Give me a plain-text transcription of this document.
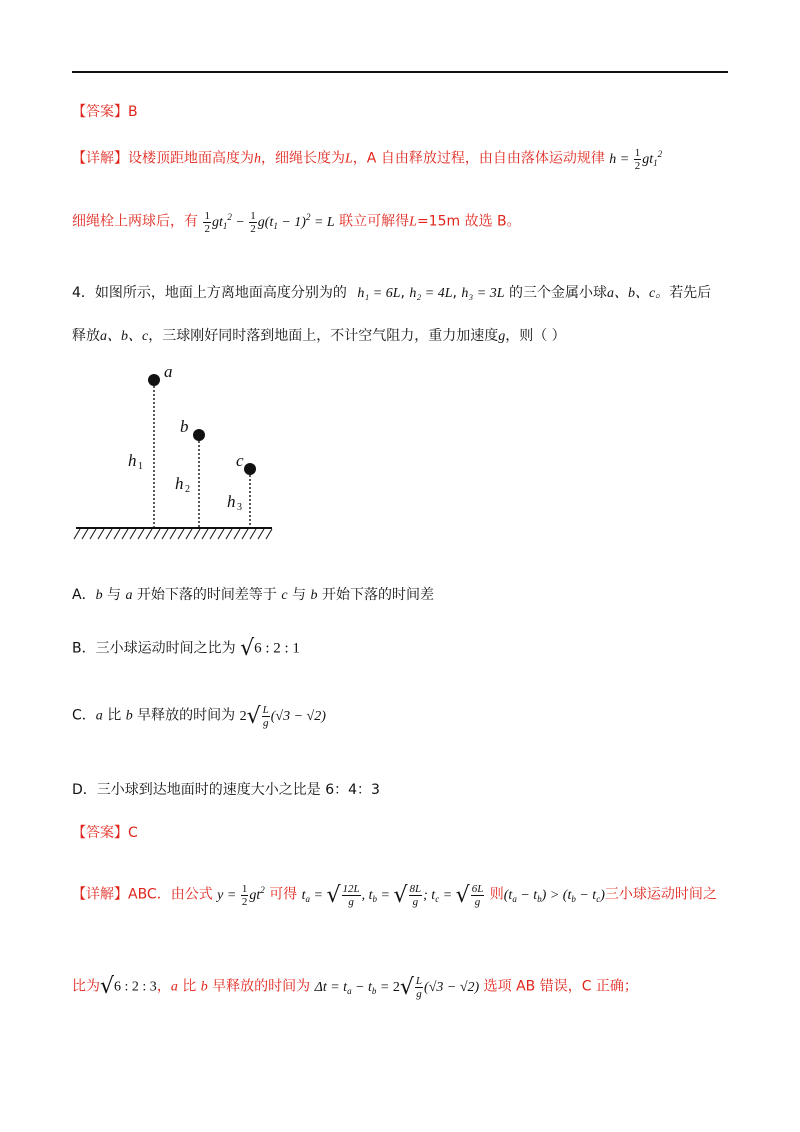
【答案】B
【详解】设楼顶距地面高度为h，细绳长度为L，A 自由释放过程，由自由落体运动规律 $h = \frac{1}{2} gt_1^2$
细绳栓上两球后，有 $\frac{1}{2} gt_1^2 - \frac{1}{2} g(t_1 - 1)^2 = L$ 联立可解得L=15m 故选 B。
4．如图所示，地面上方离地面高度分别为的 h₁ = 6L, h₂ = 4L, h₃ = 3L 的三个金属小球a、b、c。若先后
释放a、b、c，三球刚好同时落到地面上，不计空气阻力，重力加速度g，则（ ）
a
b
c
h
h
h
1
2
3
A．b 与 a 开始下落的时间差等于 c 与 b 开始下落的时间差
B．三小球运动时间之比为 √6 : 2 : 1
C．a 比 b 早释放的时间为 $2√ \frac{L}{g} (√3 - √2)$
D．三小球到达地面时的速度大小之比是 6：4：3
【答案】C
【详解】ABC．由公式 $y = \frac{1}{2} gt^2$ 可得 $t_a$ = √ $\frac{12L}{g}$ , $t_b$ = √ $\frac{8L}{g}$ ; $t_c$ = √ $\frac{6L}{g}$ 则$(t_a - t_b) > (t_b - t_c)$三小球运动时间之
比为√6 : 2 : 3，a 比 b 早释放的时间为 $\Delta t = t_a - t_b = 2√ \frac{L}{g} (√3 - √2)$ 选项 AB 错误，C 正确；
